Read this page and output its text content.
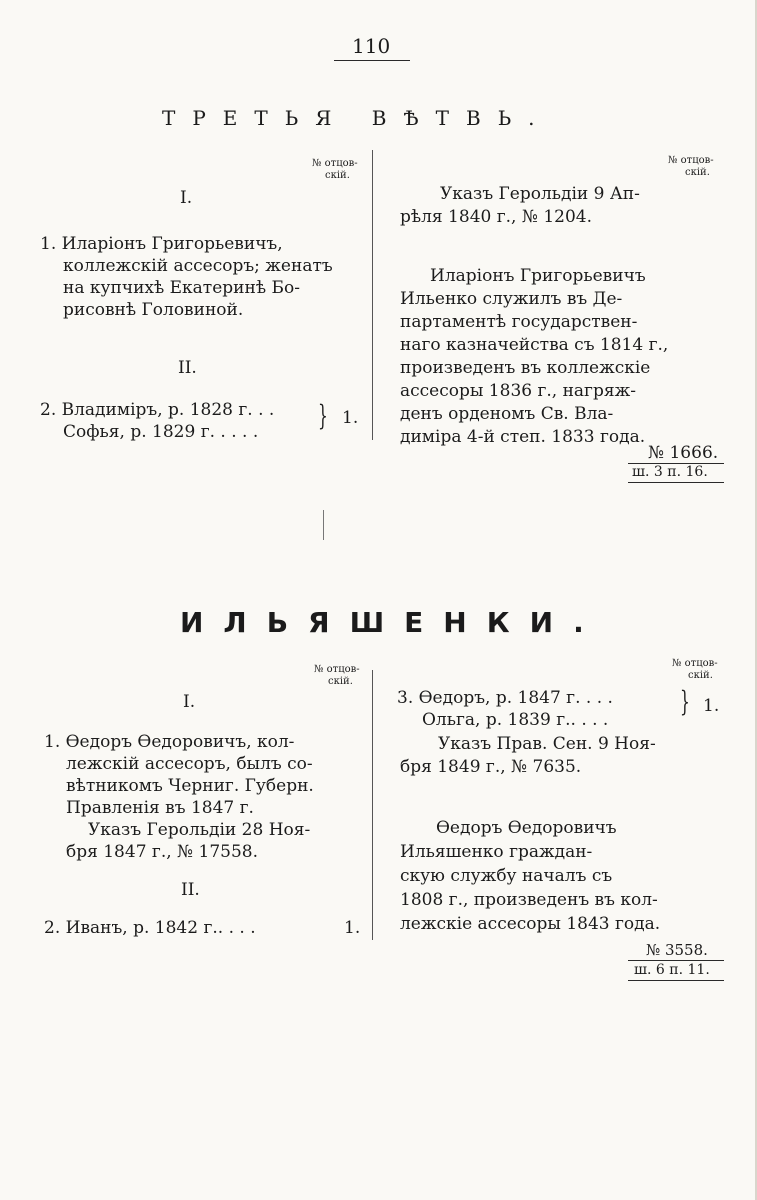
110
ТРЕТЬЯ ВѢТВЬ.
№ отцов-
скій.
I.
1. Иларіонъ Григорьевичъ,
коллежскій ассесоръ; женатъ
на купчихѣ Екатеринѣ Бо-
рисовнѣ Головиной.
II.
2. Владиміръ, р. 1828 г. . .
Софья, р. 1829 г. . . . . } 1.
№ отцов-
скій.
Указъ Герольдіи 9 Ап-
рѣля 1840 г., № 1204.
Иларіонъ Григорьевичъ
Ильенко служилъ въ Де-
партаментѣ государствен-
наго казначейства съ 1814 г.,
произведенъ въ коллежскіе
ассесоры 1836 г., нагряж-
денъ орденомъ Св. Вла-
диміра 4-й степ. 1833 года.
№ 1666.
ш. 3 п. 16.
ИЛЬЯШЕНКИ.
№ отцов-
скій.
I.
1. Өедоръ Өедоровичъ, кол-
лежскій ассесоръ, былъ со-
вѣтникомъ Черниг. Губерн.
Правленія въ 1847 г.
Указъ Герольдіи 28 Ноя-
бря 1847 г., № 17558.
II.
2. Иванъ, р. 1842 г.. . . .	1.
№ отцов-
скій.
3. Өедоръ, р. 1847 г. . . .
Ольга, р. 1839 г.. . . .
} 1.
Указъ Прав. Сен. 9 Ноя-
бря 1849 г., № 7635.
Өедоръ Өедоровичъ
Ильяшенко граждан-
скую службу началъ съ
1808 г., произведенъ въ кол-
лежскіе ассесоры 1843 года.
№ 3558.
ш. 6 п. 11.
